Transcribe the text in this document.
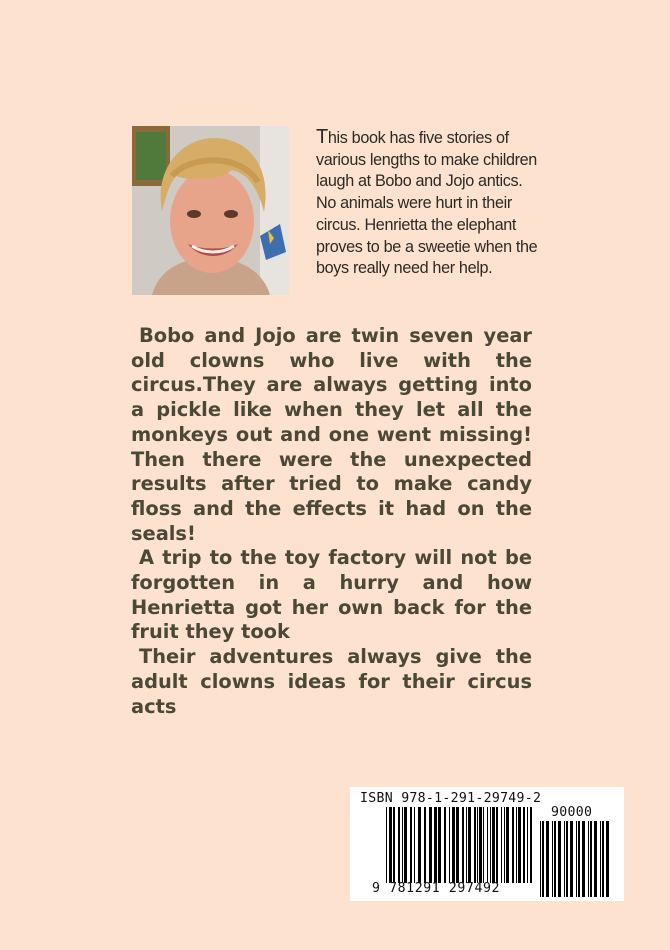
This book has five stories of various lengths to make children laugh at Bobo and Jojo antics. No animals were hurt in their circus. Henrietta the elephant proves to be a sweetie when the boys really need her help.

Bobo and Jojo are twin seven year old clowns who live with the circus.They are always getting into a pickle like when they let all the monkeys out and one went missing! Then there were the unexpected results after tried to make candy floss and the effects it had on the seals!

A trip to the toy factory will not be forgotten in a hurry and how Henrietta got her own back for the fruit they took

Their adventures always give the adult clowns ideas for their circus acts

ISBN 978-1-291-29749-2
90000
9 781291 297492
